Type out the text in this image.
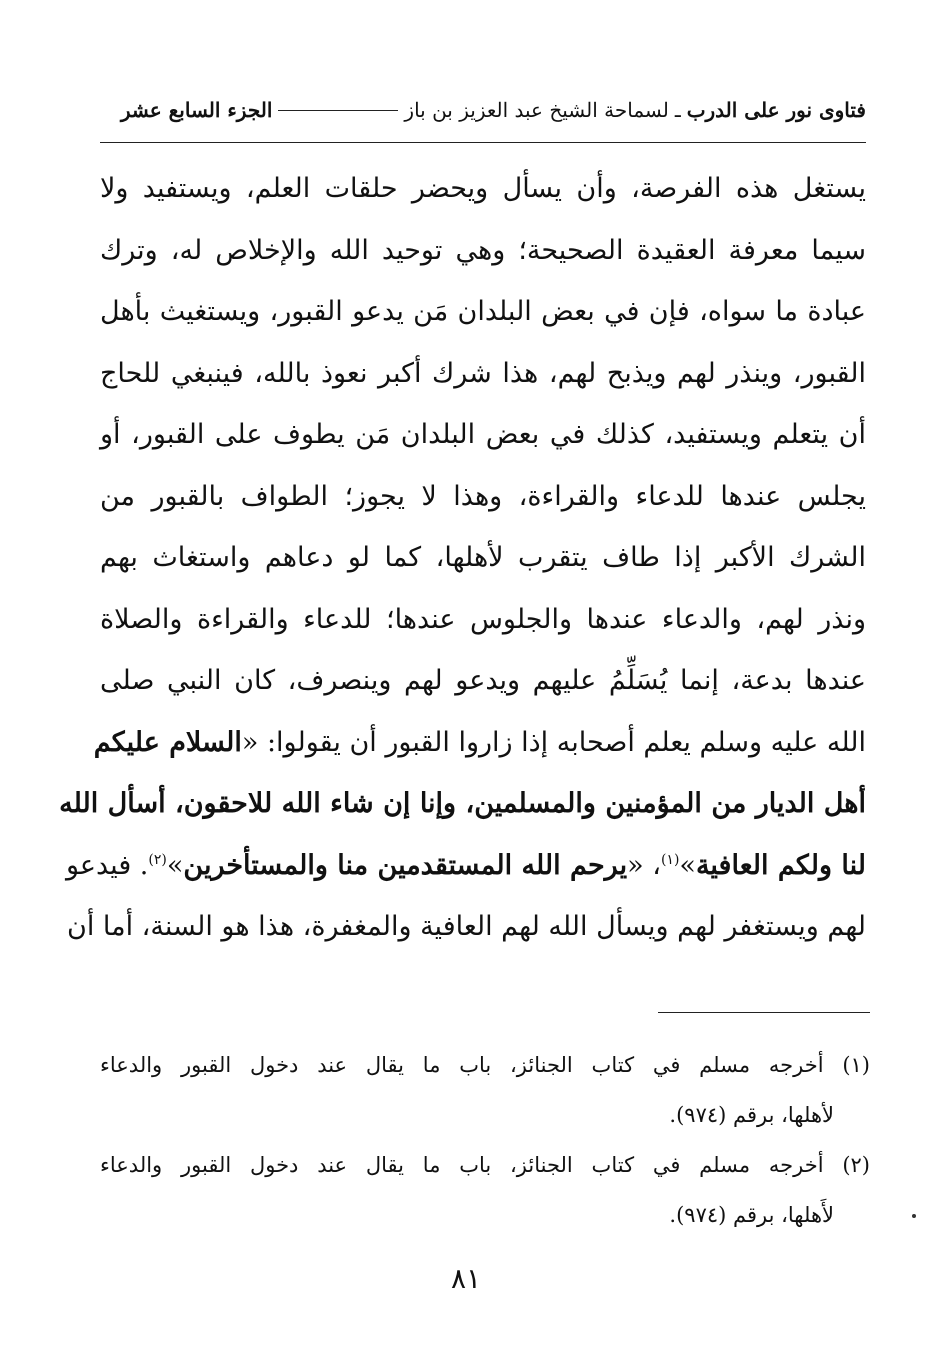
فتاوى نور على الدرب
ـ
لسماحة الشيخ عبد العزيز بن باز
الجزء السابع عشر
يستغل هذه الفرصة، وأن يسأل ويحضر حلقات العلم، ويستفيد ولا
سيما معرفة العقيدة الصحيحة؛ وهي توحيد الله والإخلاص له، وترك
عبادة ما سواه، فإن في بعض البلدان مَن يدعو القبور، ويستغيث بأهل
القبور، وينذر لهم ويذبح لهم، هذا شرك أكبر نعوذ بالله، فينبغي للحاج
أن يتعلم ويستفيد، كذلك في بعض البلدان مَن يطوف على القبور، أو
يجلس عندها للدعاء والقراءة، وهذا لا يجوز؛ الطواف بالقبور من
الشرك الأكبر إذا طاف يتقرب لأهلها، كما لو دعاهم واستغاث بهم
ونذر لهم، والدعاء عندها والجلوس عندها؛ للدعاء والقراءة والصلاة
عندها بدعة، إنما يُسَلِّمُ عليهم ويدعو لهم وينصرف، كان النبي صلى
الله عليه وسلم يعلم أصحابه إذا زاروا القبور أن يقولوا: «السلام عليكم
أهل الديار من المؤمنين والمسلمين، وإنا إن شاء الله للاحقون، أسأل الله
لنا ولكم العافية»$^{(١)}$، «يرحم الله المستقدمين منا والمستأخرين»$^{(٢)}$. فيدعو
لهم ويستغفر لهم ويسأل الله لهم العافية والمغفرة، هذا هو السنة، أما أن
(١) أخرجه مسلم في كتاب الجنائز، باب ما يقال عند دخول القبور والدعاء
لأهلها، برقم (٩٧٤).
(٢) أخرجه مسلم في كتاب الجنائز، باب ما يقال عند دخول القبور والدعاء
لأَهلها، برقم (٩٧٤).
٨١
